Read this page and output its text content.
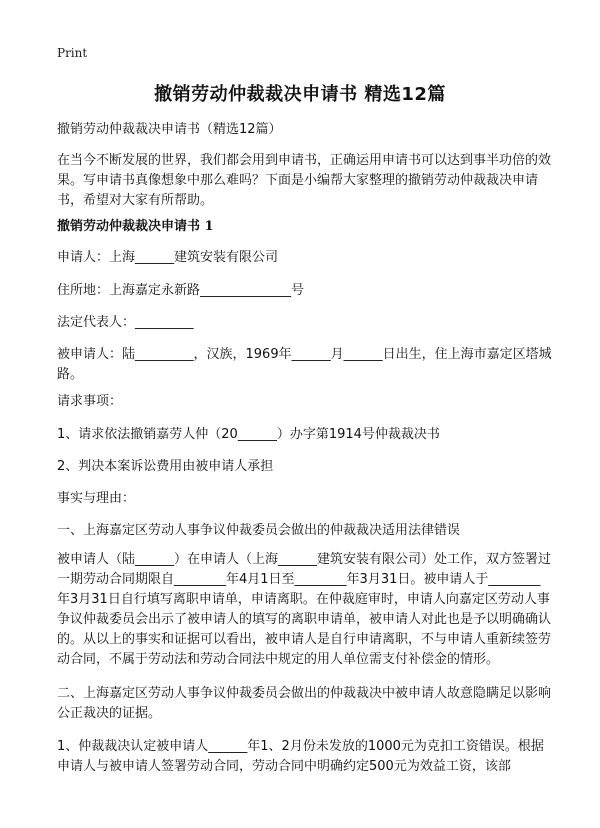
Print
撤销劳动仲裁裁决申请书 精选12篇
撤销劳动仲裁裁决申请书（精选12篇）
在当今不断发展的世界，我们都会用到申请书，正确运用申请书可以达到事半功倍的效果。写申请书真像想象中那么难吗？下面是小编帮大家整理的撤销劳动仲裁裁决申请书，希望对大家有所帮助。
撤销劳动仲裁裁决申请书 1
申请人：上海______建筑安装有限公司
住所地：上海嘉定永新路______________号
法定代表人：_________
被申请人：陆_________，汉族，1969年______月______日出生，住上海市嘉定区塔城路。
请求事项：
1、请求依法撤销嘉劳人仲（20______）办字第1914号仲裁裁决书
2、判决本案诉讼费用由被申请人承担
事实与理由：
一、上海嘉定区劳动人事争议仲裁委员会做出的仲裁裁决适用法律错误
被申请人（陆______）在申请人（上海______建筑安装有限公司）处工作，双方签署过一期劳动合同期限自________年4月1日至________年3月31日。被申请人于________年3月31日自行填写离职申请单，申请离职。在仲裁庭审时，申请人向嘉定区劳动人事争议仲裁委员会出示了被申请人的填写的离职申请单，被申请人对此也是予以明确确认的。从以上的事实和证据可以看出，被申请人是自行申请离职，不与申请人重新续签劳动合同，不属于劳动法和劳动合同法中规定的用人单位需支付补偿金的情形。
二、上海嘉定区劳动人事争议仲裁委员会做出的仲裁裁决中被申请人故意隐瞒足以影响公正裁决的证据。
1、仲裁裁决认定被申请人______年1、2月份未发放的1000元为克扣工资错误。根据申请人与被申请人签署劳动合同，劳动合同中明确约定500元为效益工资，该部
